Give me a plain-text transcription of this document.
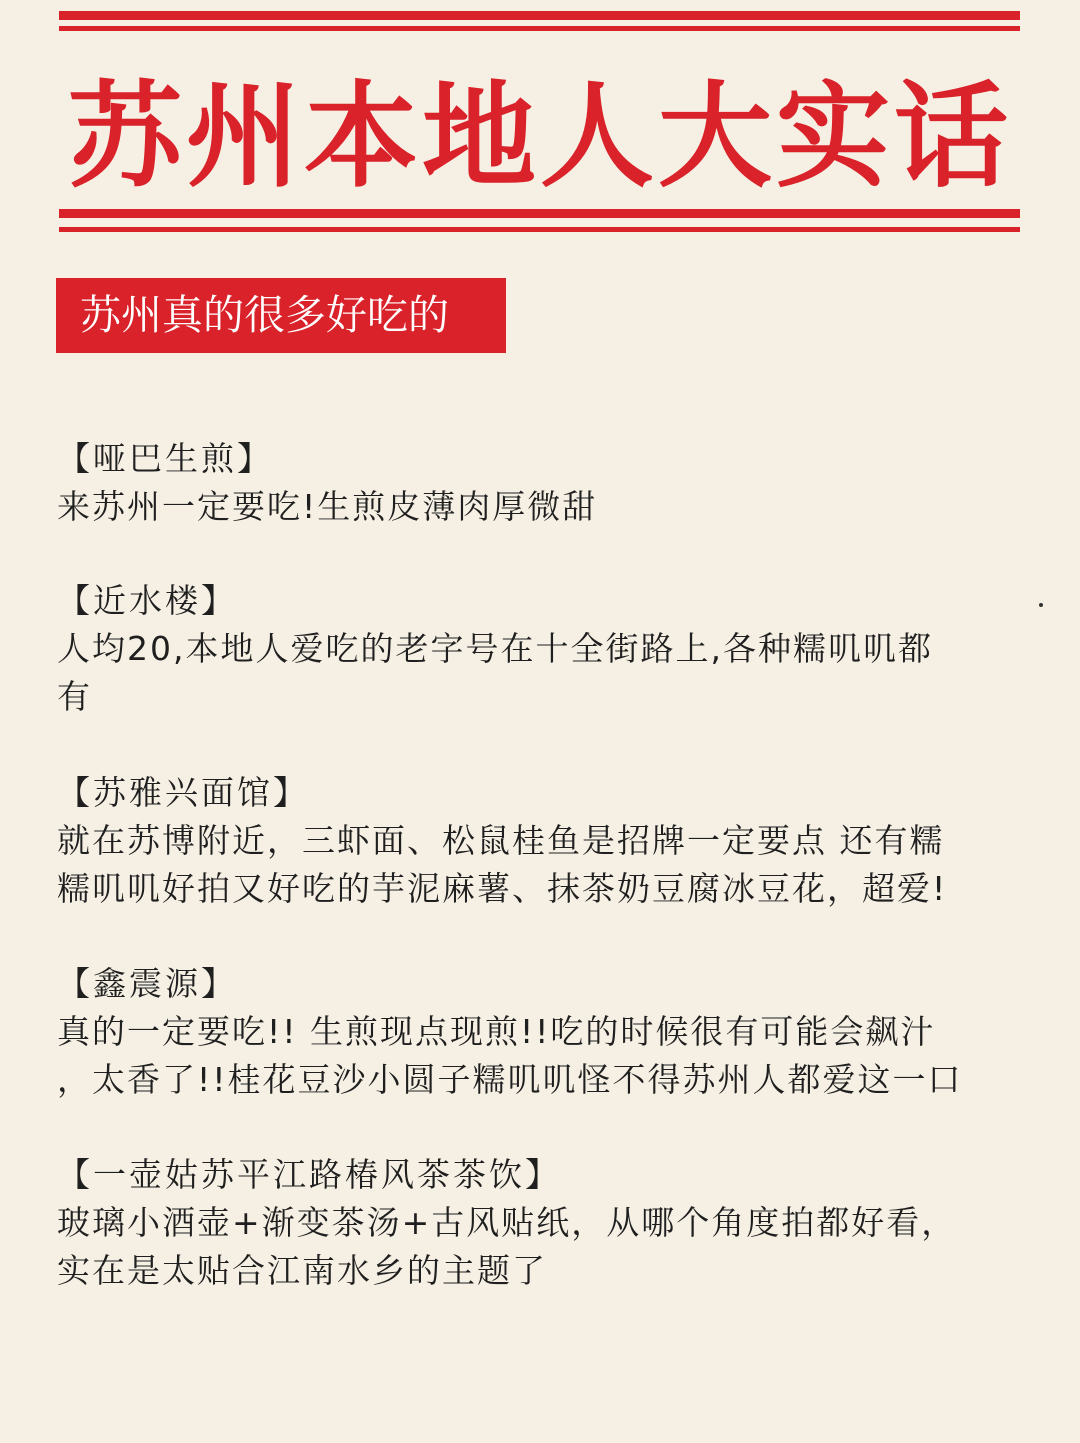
苏州本地人大实话
苏州真的很多好吃的
【哑巴生煎】
来苏州一定要吃!生煎皮薄肉厚微甜
【近水楼】
人均20,本地人爱吃的老字号在十全街路上,各种糯叽叽都
有
【苏雅兴面馆】
就在苏博附近，三虾面、松鼠桂鱼是招牌一定要点 还有糯
糯叽叽好拍又好吃的芋泥麻薯、抹茶奶豆腐冰豆花，超爱!
【鑫震源】
真的一定要吃!! 生煎现点现煎!!吃的时候很有可能会飙汁
，太香了!!桂花豆沙小圆子糯叽叽怪不得苏州人都爱这一口
【一壶姑苏平江路椿风茶茶饮】
玻璃小酒壶+渐变茶汤+古风贴纸，从哪个角度拍都好看，
实在是太贴合江南水乡的主题了
